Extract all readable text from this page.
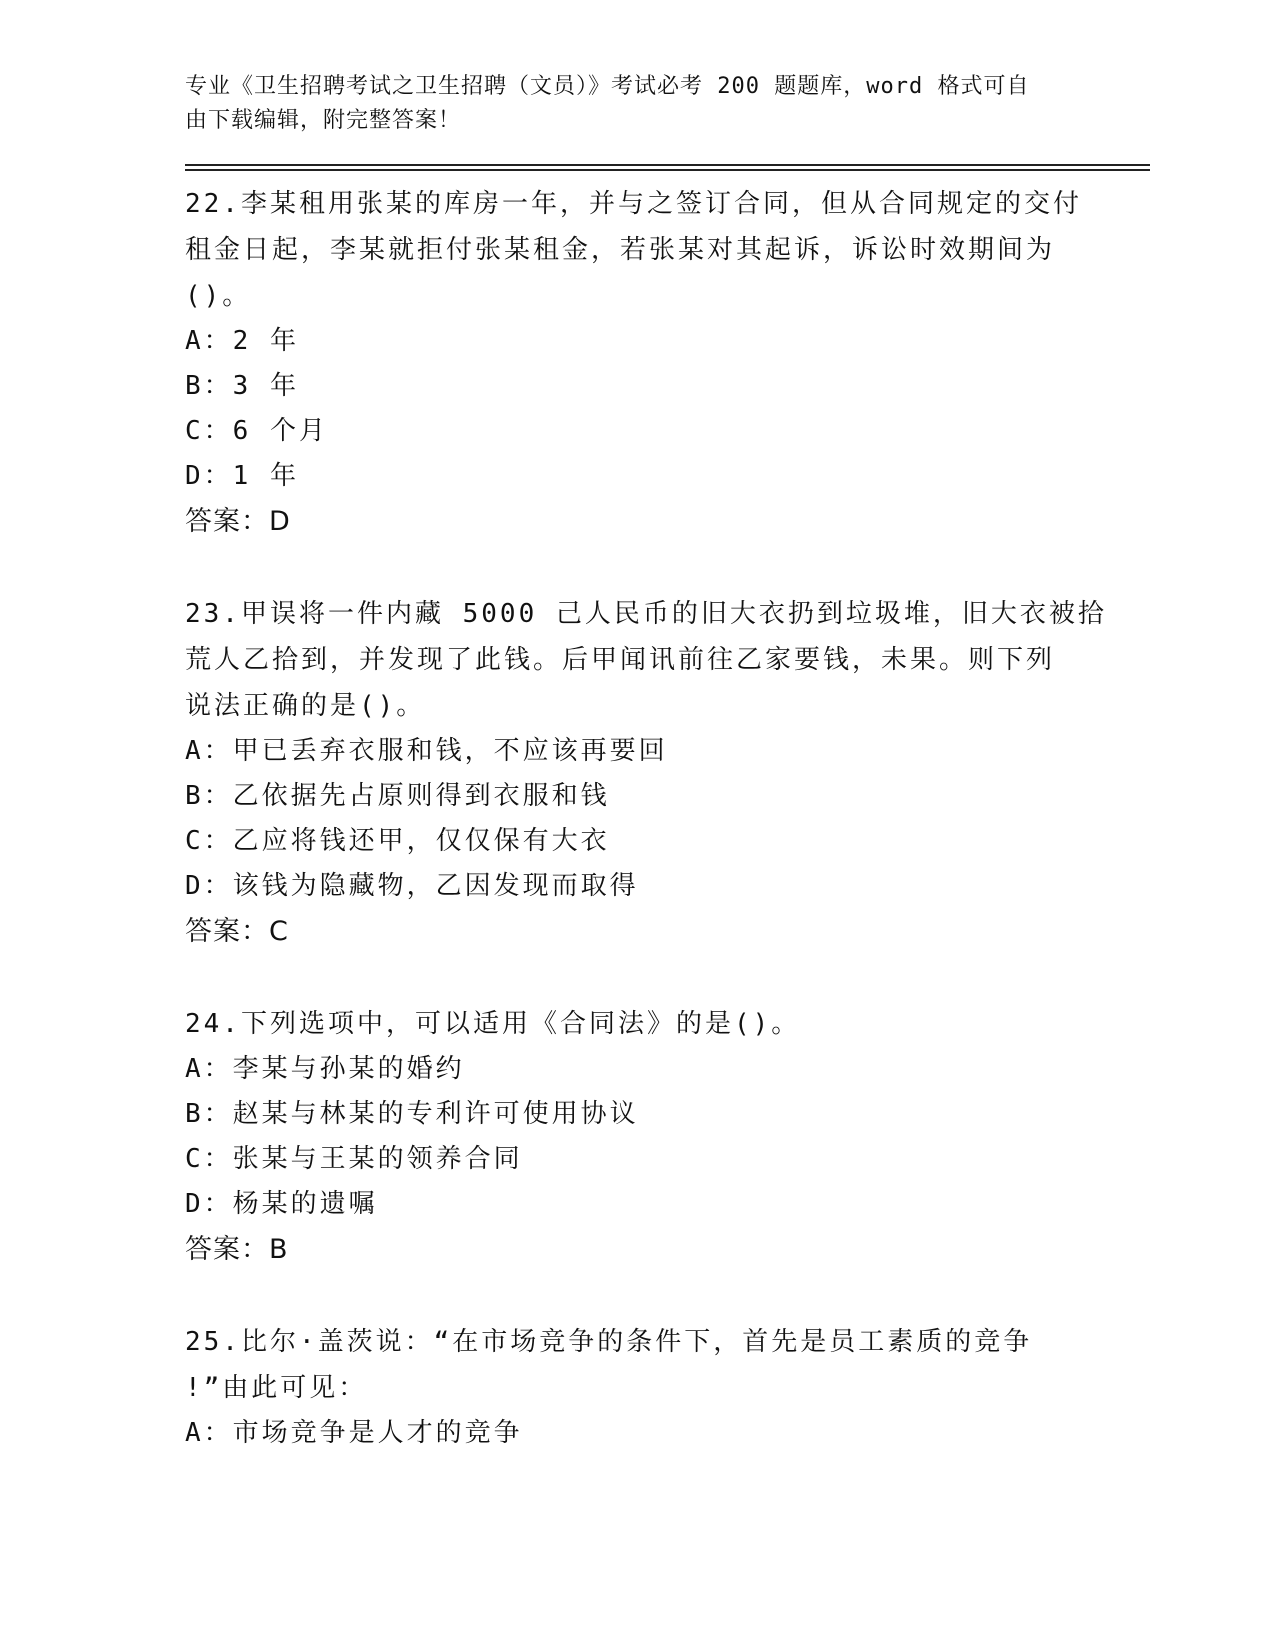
专业《卫生招聘考试之卫生招聘（文员）》考试必考 200 题题库，word 格式可自
由下载编辑，附完整答案！
22.李某租用张某的库房一年，并与之签订合同，但从合同规定的交付
租金日起，李某就拒付张某租金，若张某对其起诉，诉讼时效期间为
()。
A：2 年
B：3 年
C：6 个月
D：1 年
答案：D
23.甲误将一件内藏 5000 己人民币的旧大衣扔到垃圾堆，旧大衣被拾
荒人乙拾到，并发现了此钱。后甲闻讯前往乙家要钱，未果。则下列
说法正确的是()。
A：甲已丢弃衣服和钱，不应该再要回
B：乙依据先占原则得到衣服和钱
C：乙应将钱还甲，仅仅保有大衣
D：该钱为隐藏物，乙因发现而取得
答案：C
24.下列选项中，可以适用《合同法》的是()。
A：李某与孙某的婚约
B：赵某与林某的专利许可使用协议
C：张某与王某的领养合同
D：杨某的遗嘱
答案：B
25.比尔·盖茨说：“在市场竞争的条件下，首先是员工素质的竞争
!”由此可见：
A：市场竞争是人才的竞争
